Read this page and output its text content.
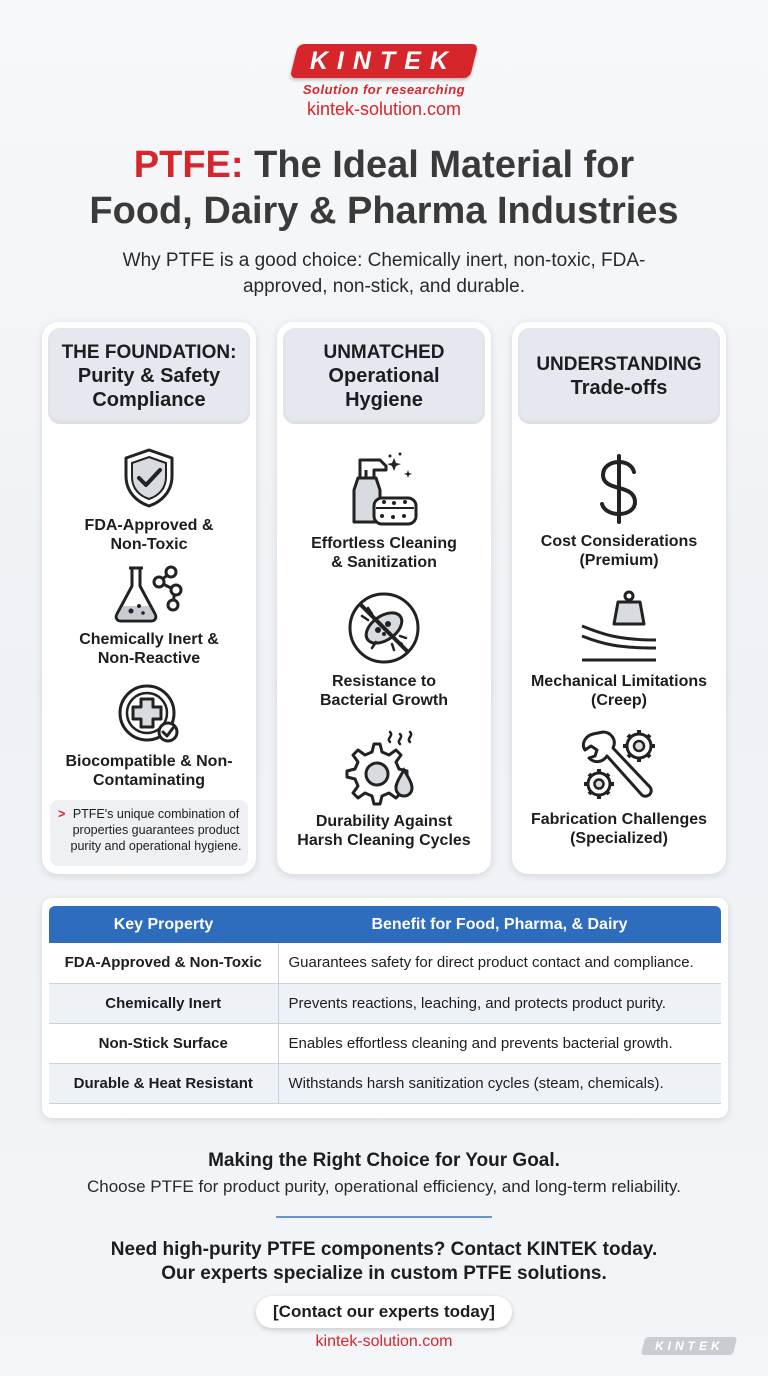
KINTEK
Solution for researching
kintek-solution.com
PTFE: The Ideal Material for
Food, Dairy & Pharma Industries
Why PTFE is a good choice: Chemically inert, non-toxic, FDA-approved, non-stick, and durable.
THE FOUNDATION:
Purity & Safety
Compliance
FDA-Approved & Non-Toxic
Chemically Inert & Non-Reactive
Biocompatible & Non-Contaminating
> PTFE's unique combination of properties guarantees product purity and operational hygiene.
UNMATCHED
Operational
Hygiene
Effortless Cleaning & Sanitization
Resistance to Bacterial Growth
Durability Against Harsh Cleaning Cycles
UNDERSTANDING
Trade-offs
Cost Considerations (Premium)
Mechanical Limitations (Creep)
Fabrication Challenges (Specialized)
Key Property	Benefit for Food, Pharma, & Dairy
FDA-Approved & Non-Toxic	Guarantees safety for direct product contact and compliance.
Chemically Inert	Prevents reactions, leaching, and protects product purity.
Non-Stick Surface	Enables effortless cleaning and prevents bacterial growth.
Durable & Heat Resistant	Withstands harsh sanitization cycles (steam, chemicals).
Making the Right Choice for Your Goal.
Choose PTFE for product purity, operational efficiency, and long-term reliability.
Need high-purity PTFE components? Contact KINTEK today.
Our experts specialize in custom PTFE solutions.
[Contact our experts today]
kintek-solution.com	KINTEK
